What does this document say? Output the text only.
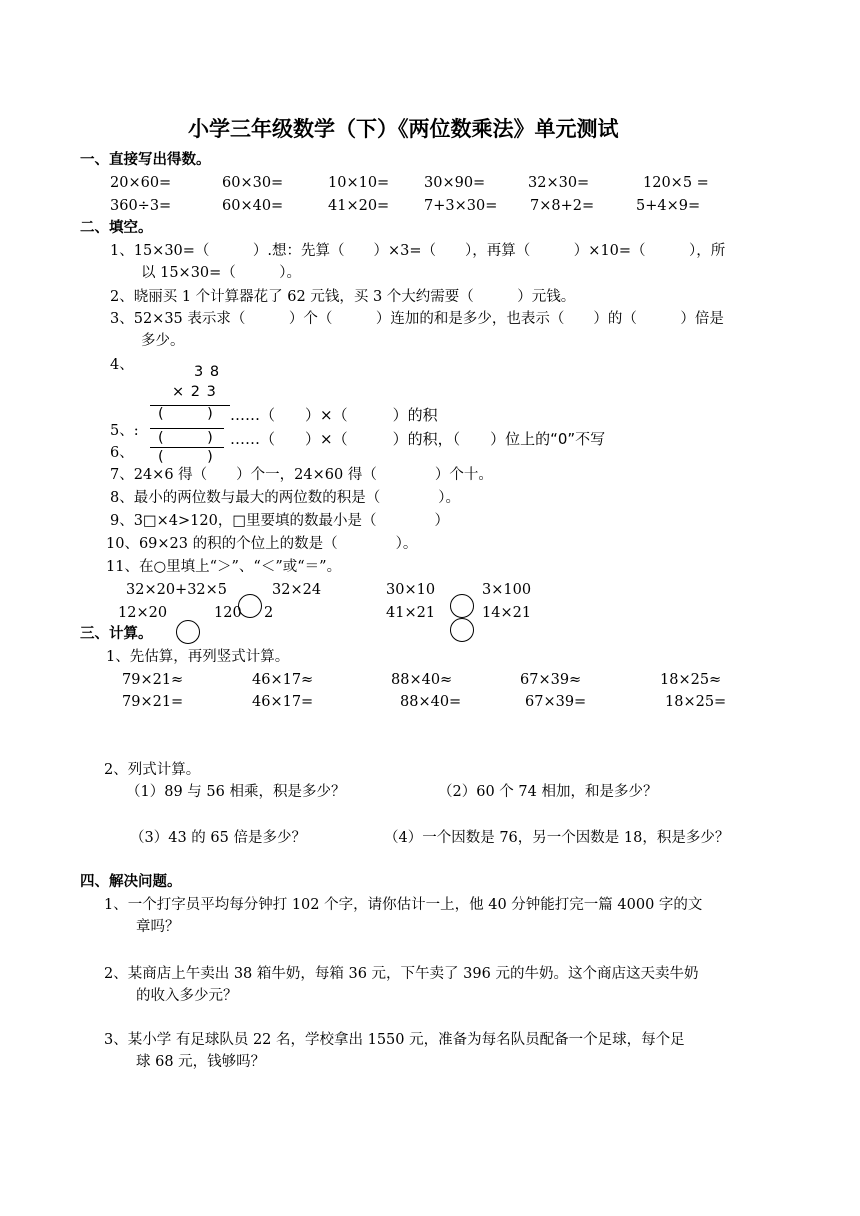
小学三年级数学（下）《两位数乘法》单元测试
一、直接写出得数。
20×60=	60×30=	10×10= 30×90=	32×30=	120×5 =
360÷3=	60×40=	41×20= 7+3×30= 7×8+2=	5+4×9=
二、填空。
1、15×30=（　　　）.想：先算（　　）×3=（　　），再算（　　　）×10=（　　　），所
以 15×30=（　　　）。
2、晓丽买 1 个计算器花了 62 元钱，买 3 个大约需要（　　　）元钱。
3、52×35 表示求（　　　）个（　　　）连加的和是多少，也表示（　　）的（　　　）倍是
多少。
4、	3 8
× 2 3
(　　　) ……（　　）×（　　　）的积
5、: (　　　) ……（　　）×（　　　）的积，（　　）位上的“0”不写
6、 (　　　)
7、24×6 得（　　）个一，24×60 得（　　　　）个十。
8、最小的两位数与最大的两位数的积是（　　　　）。
9、3□×4>120，□里要填的数最小是（　　　　）
10、69×23 的积的个位上的数是（　　　　）。
11、在○里填上“＞”、“＜”或“＝”。
32×20+32×5	32×24	30×10	3×100
12×20	120 2	41×21	14×21
三、计算。
1、先估算，再列竖式计算。
79×21≈	46×17≈	88×40≈	67×39≈	18×25≈
79×21=	46×17=	88×40=	67×39=	18×25=
2、列式计算。
（1）89 与 56 相乘，积是多少？	（2）60 个 74 相加，和是多少？
（3）43 的 65 倍是多少？	（4）一个因数是 76，另一个因数是 18，积是多少？
四、解决问题。
1、一个打字员平均每分钟打 102 个字，请你估计一上，他 40 分钟能打完一篇 4000 字的文
章吗？
2、某商店上午卖出 38 箱牛奶，每箱 36 元，下午卖了 396 元的牛奶。这个商店这天卖牛奶
的收入多少元？
3、某小学 有足球队员 22 名，学校拿出 1550 元，准备为每名队员配备一个足球，每个足
球 68 元，钱够吗？
